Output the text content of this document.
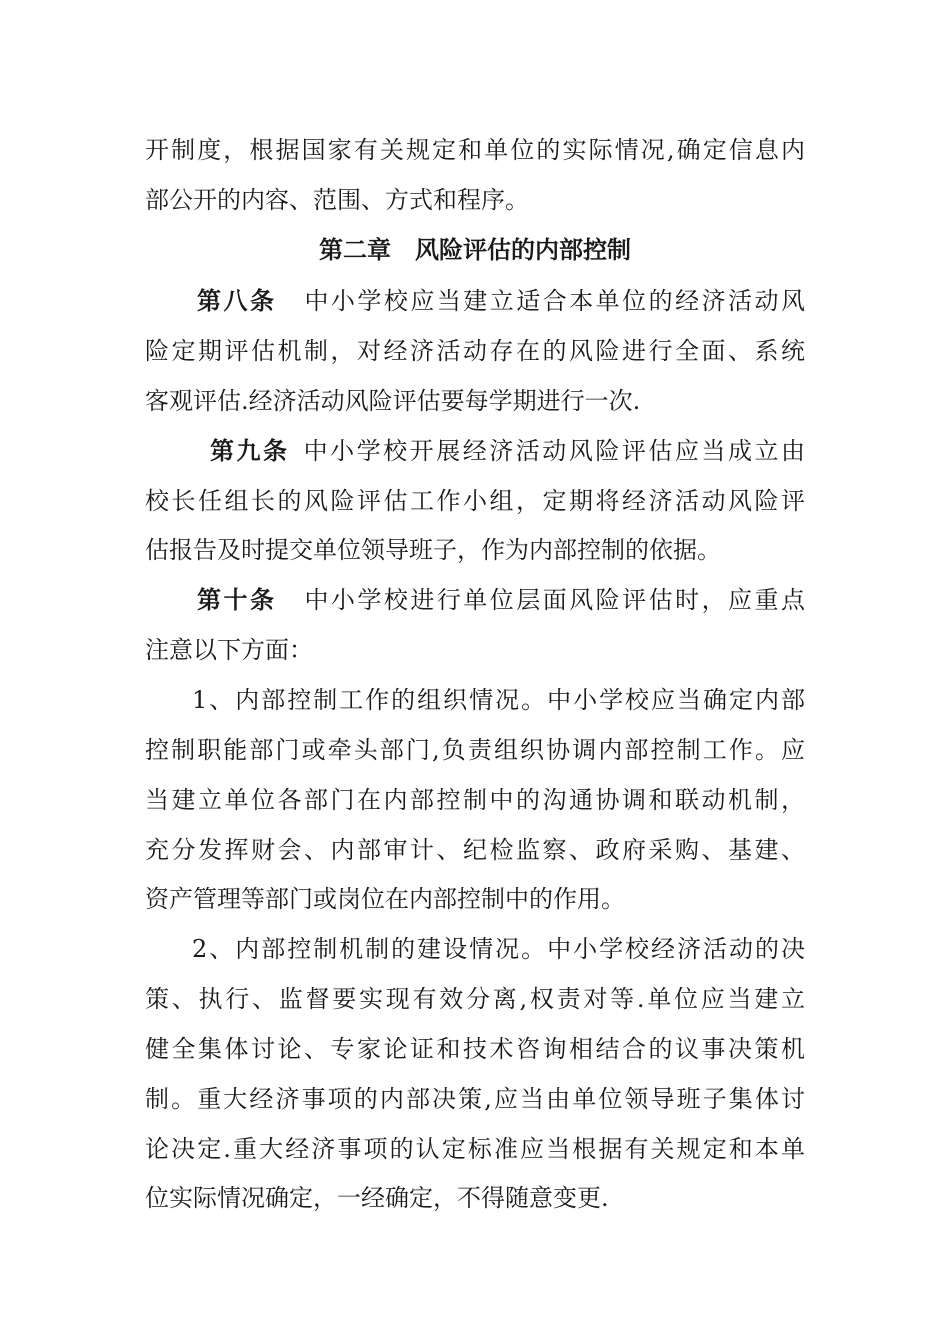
开制度，根据国家有关规定和单位的实际情况,确定信息内
部公开的内容、范围、方式和程序。
第二章　风险评估的内部控制
第八条 中小学校应当建立适合本单位的经济活动风
险定期评估机制，对经济活动存在的风险进行全面、系统
客观评估.经济活动风险评估要每学期进行一次.
第九条 中小学校开展经济活动风险评估应当成立由
校长任组长的风险评估工作小组，定期将经济活动风险评
估报告及时提交单位领导班子，作为内部控制的依据。
第十条 中小学校进行单位层面风险评估时，应重点
注意以下方面：
1、内部控制工作的组织情况。中小学校应当确定内部
控制职能部门或牵头部门,负责组织协调内部控制工作。应
当建立单位各部门在内部控制中的沟通协调和联动机制，
充分发挥财会、内部审计、纪检监察、政府采购、基建、
资产管理等部门或岗位在内部控制中的作用。
2、内部控制机制的建设情况。中小学校经济活动的决
策、执行、监督要实现有效分离,权责对等.单位应当建立
健全集体讨论、专家论证和技术咨询相结合的议事决策机
制。重大经济事项的内部决策,应当由单位领导班子集体讨
论决定.重大经济事项的认定标准应当根据有关规定和本单
位实际情况确定，一经确定，不得随意变更.
